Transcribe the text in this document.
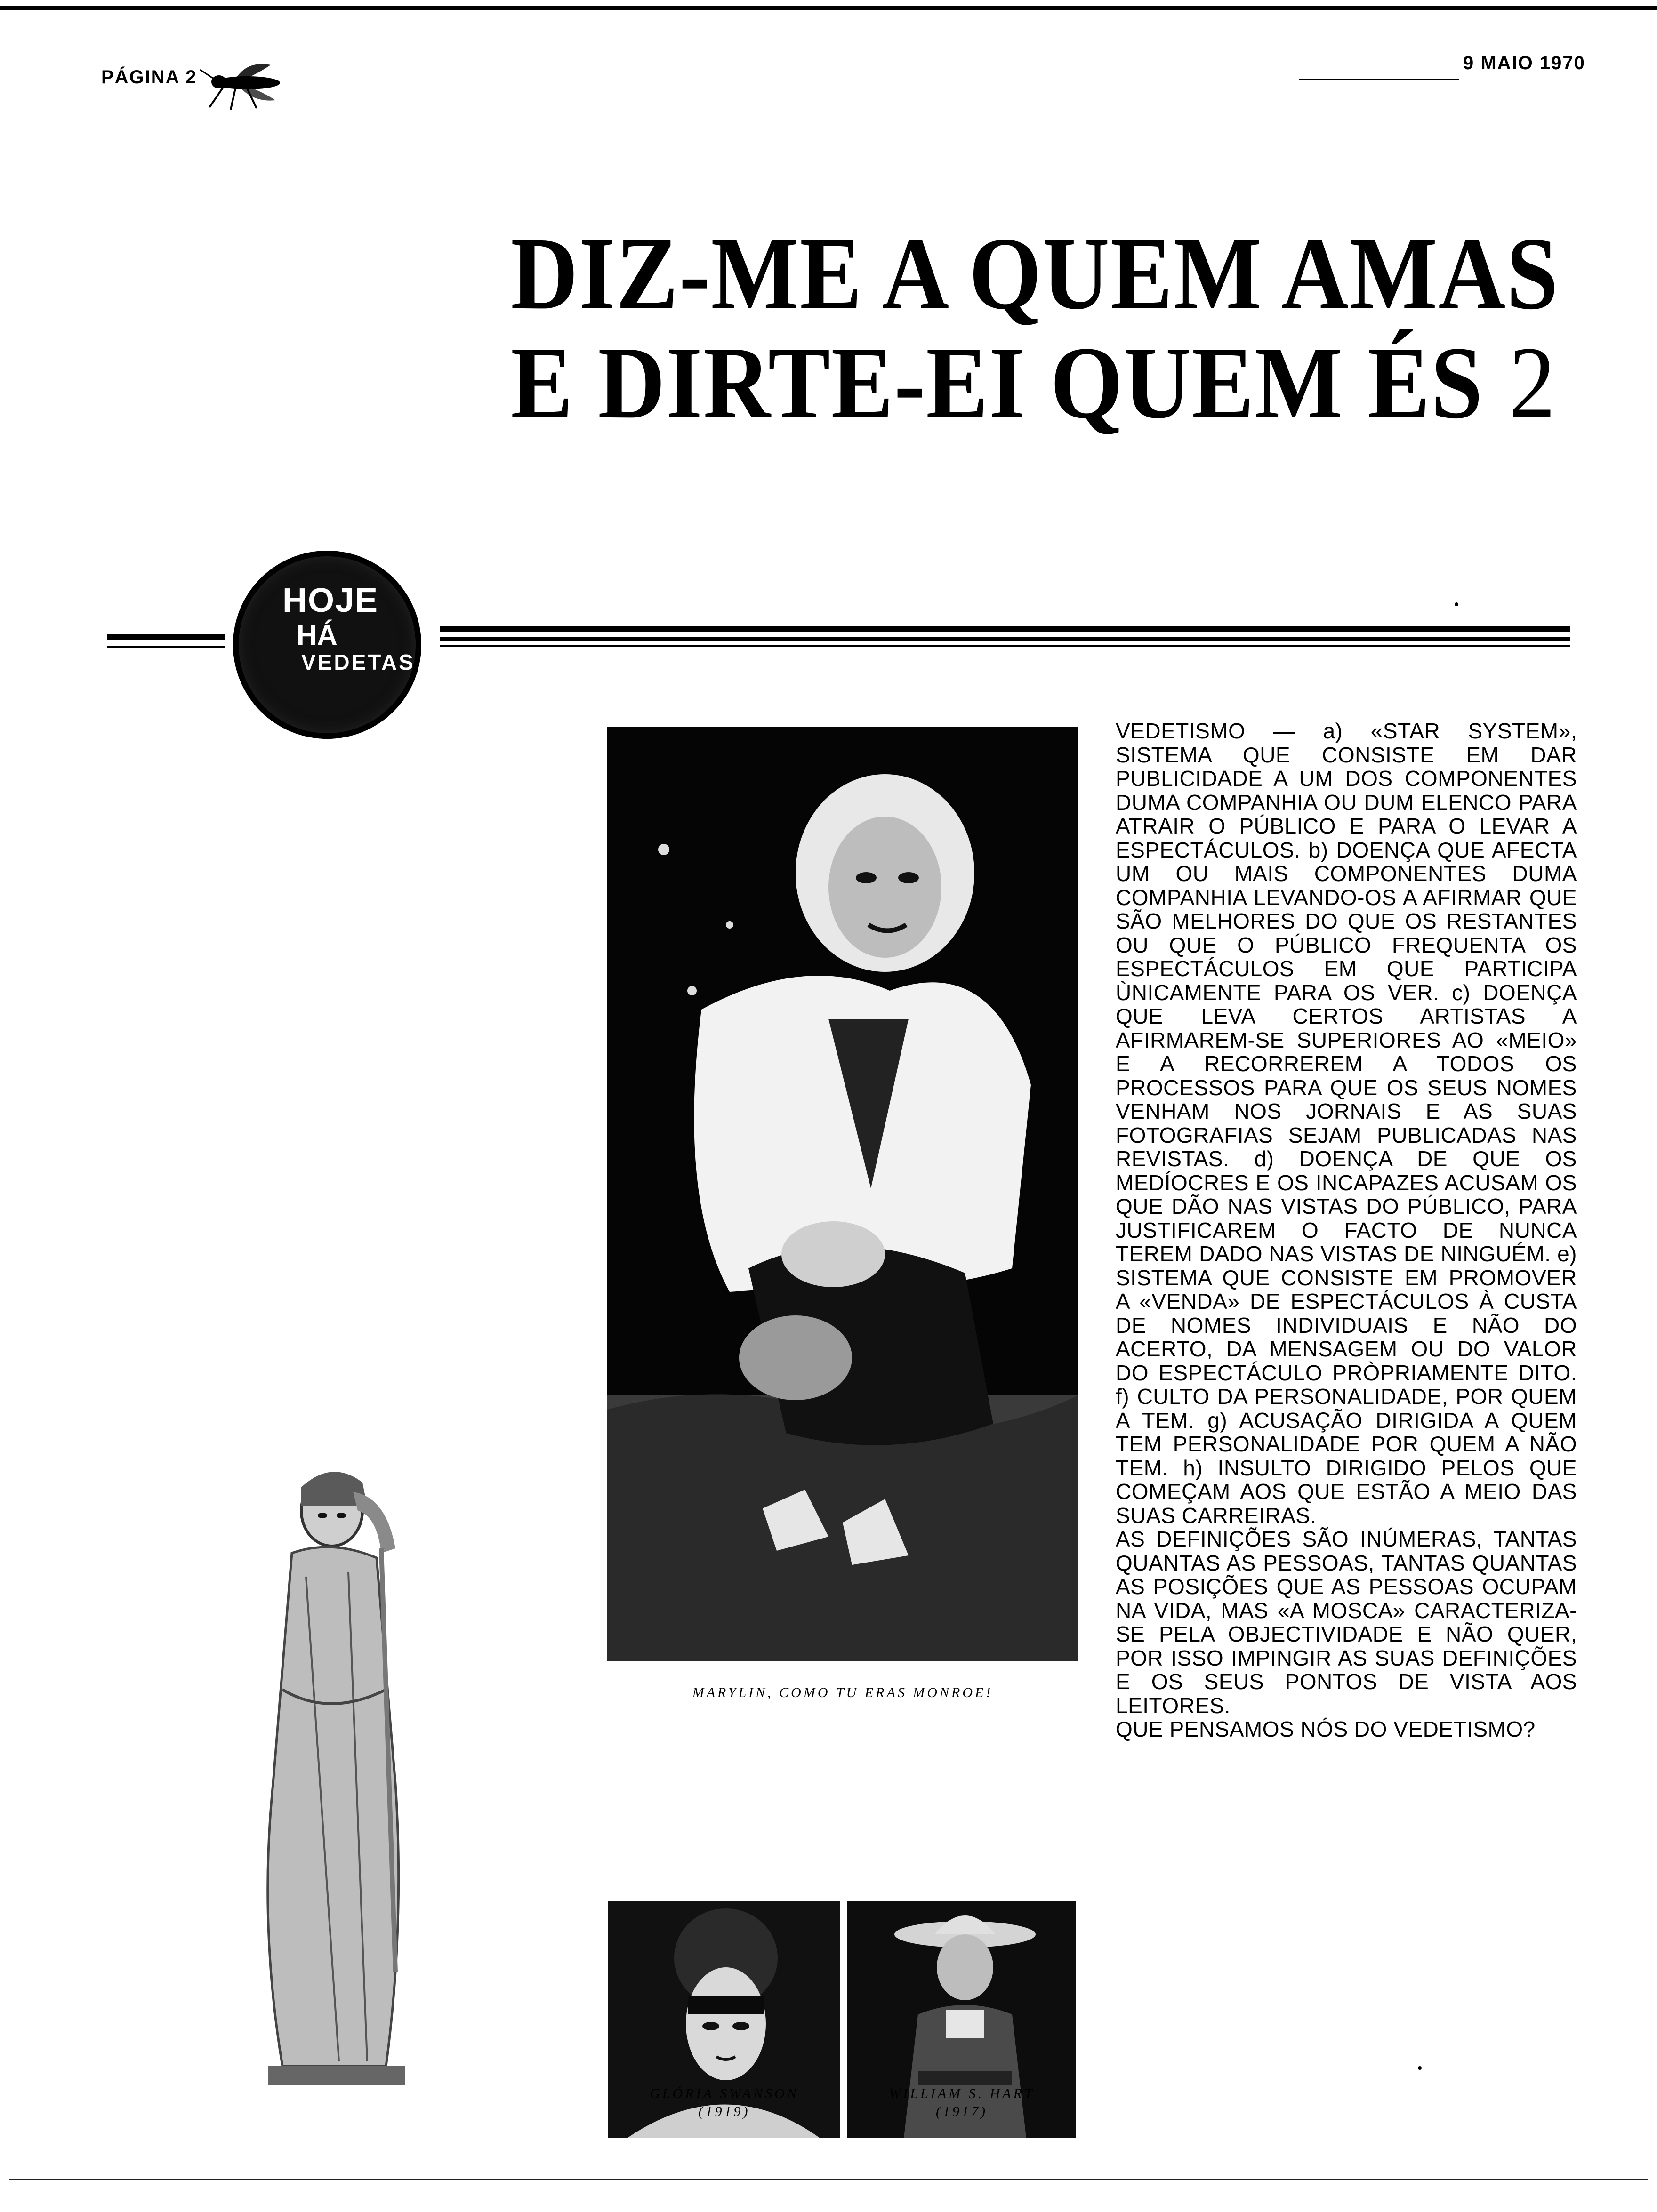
PÁGINA 2
9 MAIO 1970
DIZ-ME A QUEM AMAS
E DIRTE-EI QUEM ÉS 2
HOJE
HÁ
VEDETAS
MARYLIN, COMO TU ERAS MONROE!
GLÓRIA SWANSON
(1919)
WILLIAM S. HART
(1917)

VEDETISMO — a) «STAR SYSTEM», SISTEMA QUE CONSISTE EM DAR PUBLICIDADE A UM DOS COMPONENTES DUMA COMPANHIA OU DUM ELENCO PARA ATRAIR O PÚBLICO E PARA O LEVAR A ESPECTÁCULOS. b) DOENÇA QUE AFECTA UM OU MAIS COMPONENTES DUMA COMPANHIA LEVANDO-OS A AFIRMAR QUE SÃO MELHORES DO QUE OS RESTANTES OU QUE O PÚBLICO FREQUENTA OS ESPECTÁCULOS EM QUE PARTICIPA ÙNICAMENTE PARA OS VER. c) DOENÇA QUE LEVA CERTOS ARTISTAS A AFIRMAREM-SE SUPERIORES AO «MEIO» E A RECORREREM A TODOS OS PROCESSOS PARA QUE OS SEUS NOMES VENHAM NOS JORNAIS E AS SUAS FOTOGRAFIAS SEJAM PUBLICADAS NAS REVISTAS. d) DOENÇA DE QUE OS MEDÍOCRES E OS INCAPAZES ACUSAM OS QUE DÃO NAS VISTAS DO PÚBLICO, PARA JUSTIFICAREM O FACTO DE NUNCA TEREM DADO NAS VISTAS DE NINGUÉM. e) SISTEMA QUE CONSISTE EM PROMOVER A «VENDA» DE ESPECTÁCULOS À CUSTA DE NOMES INDIVIDUAIS E NÃO DO ACERTO, DA MENSAGEM OU DO VALOR DO ESPECTÁCULO PRÒPRIAMENTE DITO. f) CULTO DA PERSONALIDADE, POR QUEM A TEM. g) ACUSAÇÃO DIRIGIDA A QUEM TEM PERSONALIDADE POR QUEM A NÃO TEM. h) INSULTO DIRIGIDO PELOS QUE COMEÇAM AOS QUE ESTÃO A MEIO DAS SUAS CARREIRAS.

AS DEFINIÇÕES SÃO INÚMERAS, TANTAS QUANTAS AS PESSOAS, TANTAS QUANTAS AS POSIÇÕES QUE AS PESSOAS OCUPAM NA VIDA, MAS «A MOSCA» CARACTERIZA-SE PELA OBJECTIVIDADE E NÃO QUER, POR ISSO IMPINGIR AS SUAS DEFINIÇÕES E OS SEUS PONTOS DE VISTA AOS LEITORES.

QUE PENSAMOS NÓS DO VEDETISMO?
